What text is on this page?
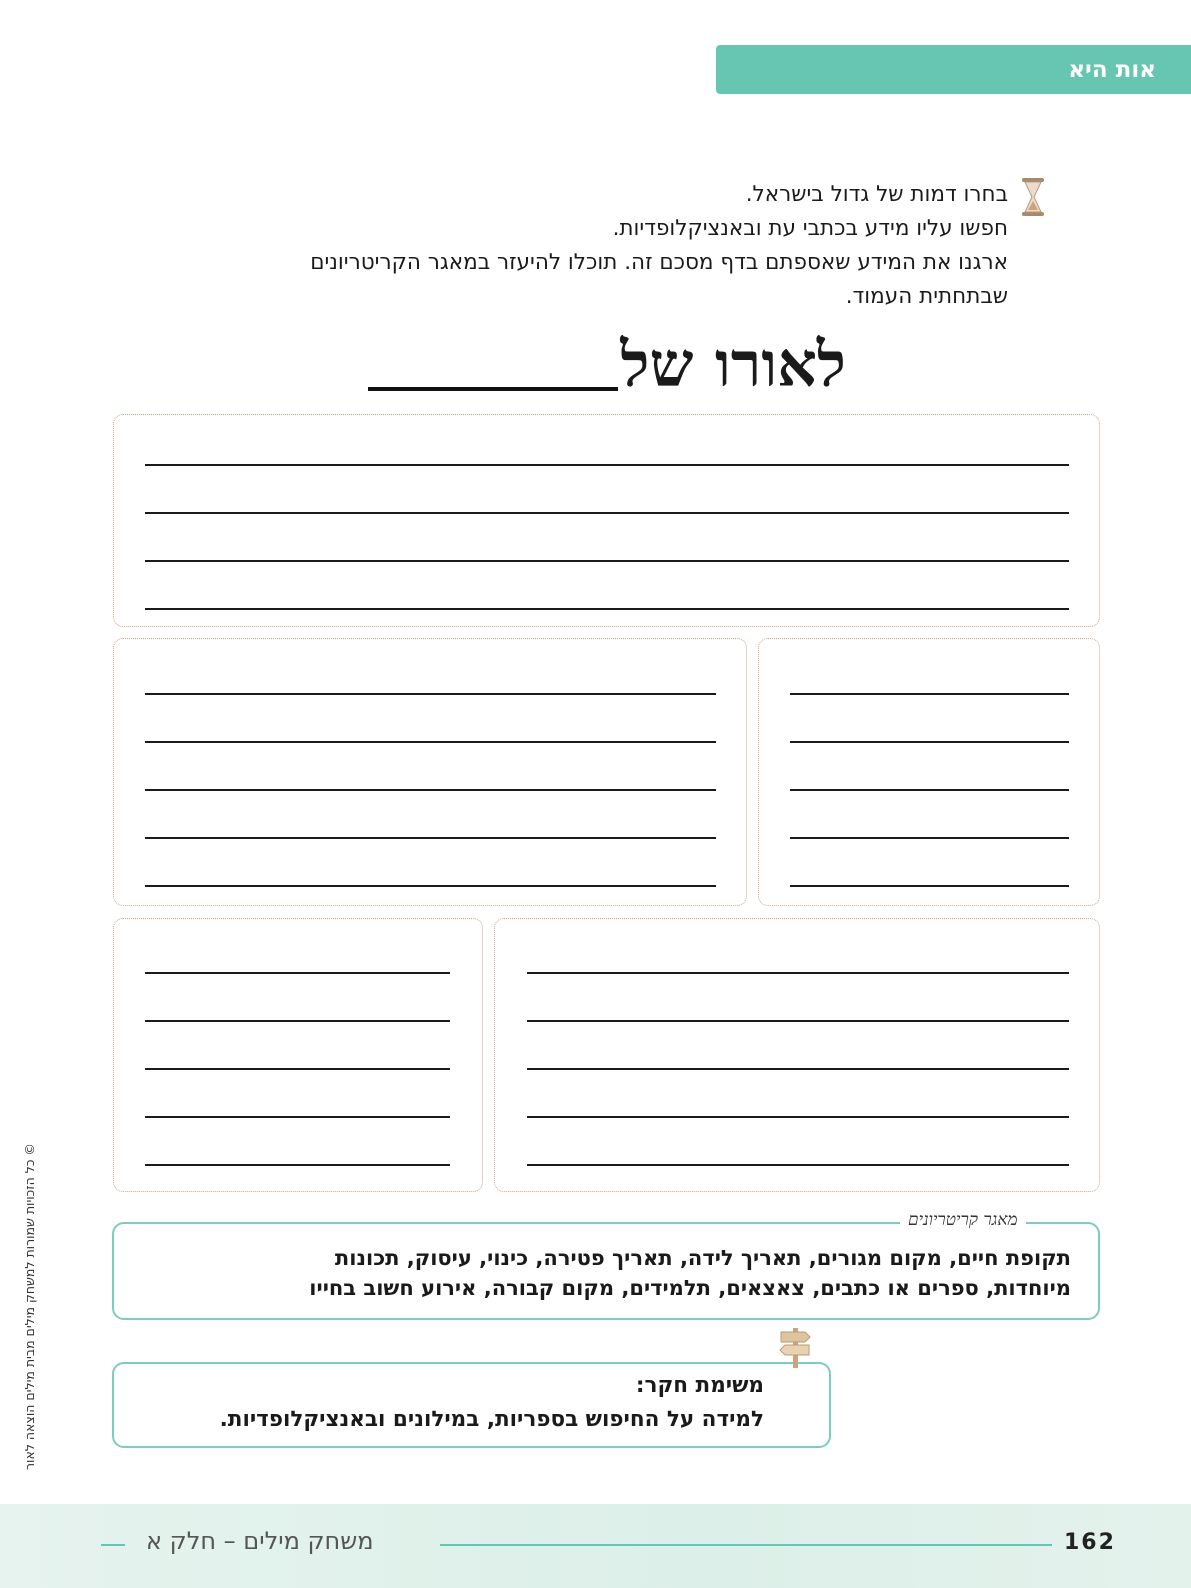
אות היא
בחרו דמות של גדול בישראל.
חפשו עליו מידע בכתבי עת ובאנציקלופדיות.
ארגנו את המידע שאספתם בדף מסכם זה. תוכלו להיעזר במאגר הקריטריונים
שבתחתית העמוד.
לאורו של
מאגר קריטריונים
תקופת חיים, מקום מגורים, תאריך לידה, תאריך פטירה, כינוי, עיסוק, תכונות
מיוחדות, ספרים או כתבים, צאצאים, תלמידים, מקום קבורה, אירוע חשוב בחייו
משימת חקר:
למידה על החיפוש בספריות, במילונים ובאנציקלופדיות.
© כל הזכויות שמורות למשחק מילים מבית מילים הוצאה לאור
משחק מילים – חלק א	162
